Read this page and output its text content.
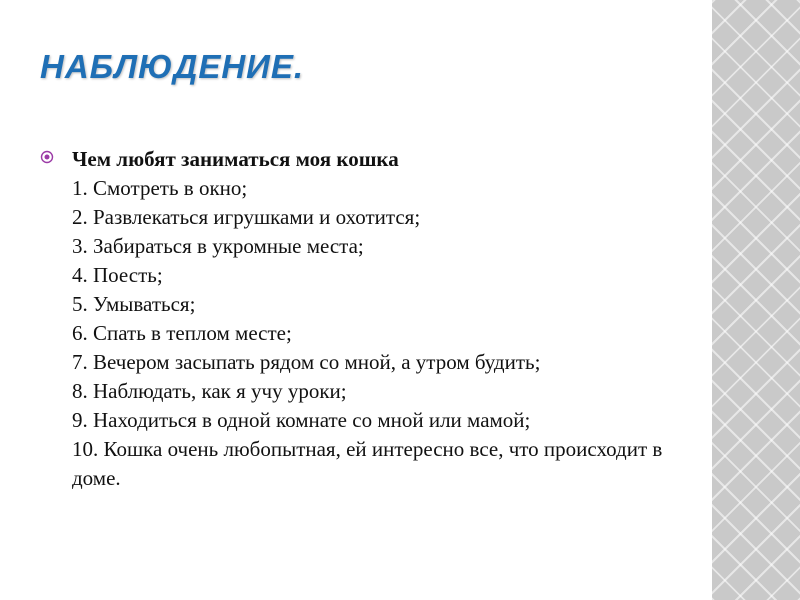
НАБЛЮДЕНИЕ.
Чем любят заниматься моя кошка
1. Смотреть в окно;
2. Развлекаться игрушками и охотится;
3. Забираться в укромные места;
4. Поесть;
5. Умываться;
6. Спать в теплом месте;
7. Вечером засыпать рядом со мной, а утром будить;
8. Наблюдать, как я учу уроки;
9. Находиться в одной комнате со мной или мамой;
10. Кошка очень любопытная, ей интересно все, что происходит в доме.
